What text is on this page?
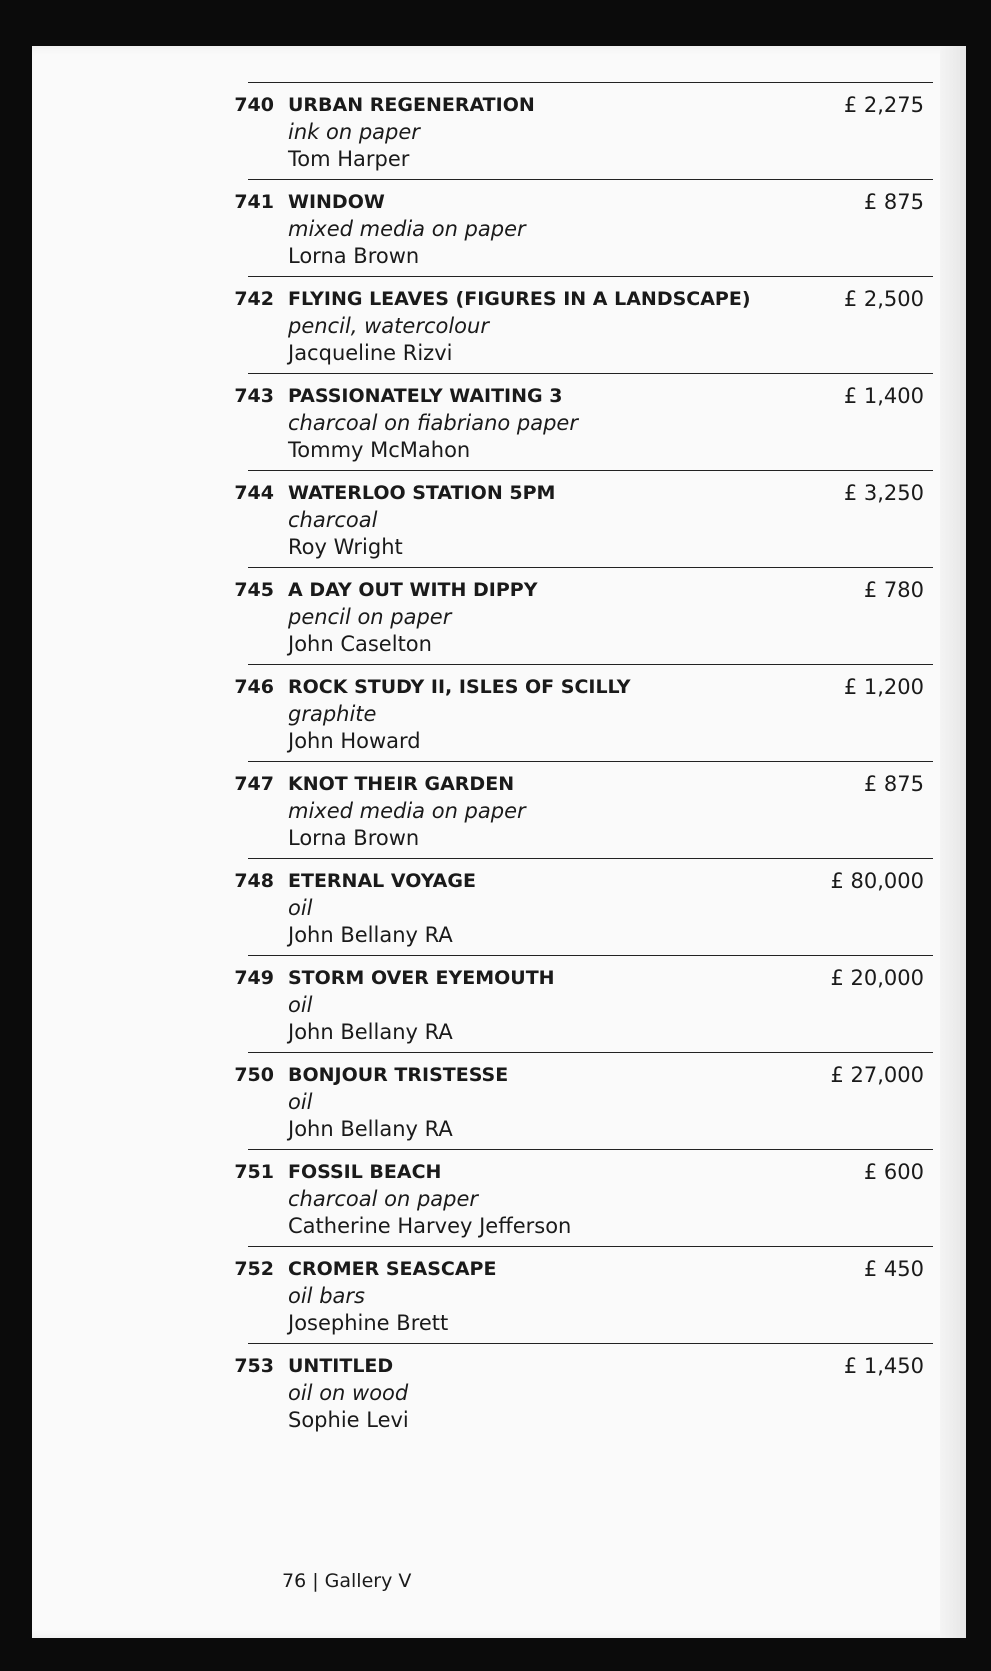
740 URBAN REGENERATION
ink on paper
Tom Harper
£ 2,275
741 WINDOW
mixed media on paper
Lorna Brown
£ 875
742 FLYING LEAVES (FIGURES IN A LANDSCAPE)
pencil, watercolour
Jacqueline Rizvi
£ 2,500
743 PASSIONATELY WAITING 3
charcoal on fiabriano paper
Tommy McMahon
£ 1,400
744 WATERLOO STATION 5PM
charcoal
Roy Wright
£ 3,250
745 A DAY OUT WITH DIPPY
pencil on paper
John Caselton
£ 780
746 ROCK STUDY II, ISLES OF SCILLY
graphite
John Howard
£ 1,200
747 KNOT THEIR GARDEN
mixed media on paper
Lorna Brown
£ 875
748 ETERNAL VOYAGE
oil
John Bellany RA
£ 80,000
749 STORM OVER EYEMOUTH
oil
John Bellany RA
£ 20,000
750 BONJOUR TRISTESSE
oil
John Bellany RA
£ 27,000
751 FOSSIL BEACH
charcoal on paper
Catherine Harvey Jefferson
£ 600
752 CROMER SEASCAPE
oil bars
Josephine Brett
£ 450
753 UNTITLED
oil on wood
Sophie Levi
£ 1,450
76 | Gallery V
